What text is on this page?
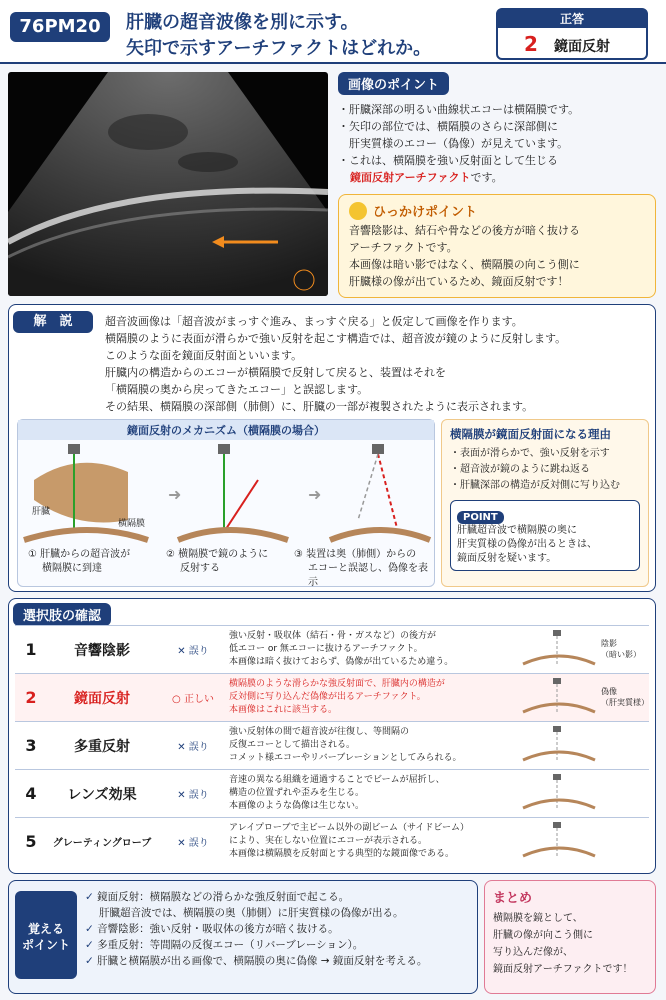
76PM20	肝臓の超音波像を別に示す。
矢印で示すアーチファクトはどれか。
正答
2 鏡面反射
画像のポイント
・肝臓深部の明るい曲線状エコーは横隔膜です。
・矢印の部位では、横隔膜のさらに深部側に
　肝実質様のエコー（偽像）が見えています。
・これは、横隔膜を強い反射面として生じる
鏡面反射アーチファクトです。
ひっかけポイント
音響陰影は、結石や骨などの後方が暗く抜ける
アーチファクトです。
本画像は暗い影ではなく、横隔膜の向こう側に
肝臓様の像が出ているため、鏡面反射です！
解　説	超音波画像は「超音波がまっすぐ進み、まっすぐ戻る」と仮定して画像を作ります。
横隔膜のように表面が滑らかで強い反射を起こす構造では、超音波が鏡のように反射します。
このような面を鏡面反射面といいます。
肝臓内の構造からのエコーが横隔膜で反射して戻ると、装置はそれを
「横隔膜の奥から戻ってきたエコー」と誤認します。
その結果、横隔膜の深部側（肺側）に、肝臓の一部が複製されたように表示されます。
鏡面反射のメカニズム（横隔膜の場合）
➜	➜
肝臓
横隔膜
① 肝臓からの超音波が
横隔膜に到達
② 横隔膜で鏡のように
反射する
③ 装置は奥（肺側）からの
エコーと誤認し、偽像を表示
横隔膜が鏡面反射面になる理由
・表面が滑らかで、強い反射を示す
・超音波が鏡のように跳ね返る
・肝臓深部の構造が反対側に写り込む
POINT
肝臓超音波で横隔膜の奥に
肝実質様の偽像が出るときは、
鏡面反射を疑います。
選択肢の確認
1	音響陰影	✕ 誤り
強い反射・吸収体（結石・骨・ガスなど）の後方が
低エコー or 無エコーに抜けるアーチファクト。
本画像は暗く抜けておらず、偽像が出ているため違う。
陰影
（暗い影）
2	鏡面反射	○ 正しい
横隔膜のような滑らかな強反射面で、肝臓内の構造が
反対側に写り込んだ偽像が出るアーチファクト。
本画像はこれに該当する。
偽像
（肝実質様）
3	多重反射	✕ 誤り
強い反射体の間で超音波が往復し、等間隔の
反復エコーとして描出される。
コメット様エコーやリバーブレーションとしてみられる。
4	レンズ効果	✕ 誤り
音速の異なる組織を通過することでビームが屈折し、
構造の位置ずれや歪みを生じる。
本画像のような偽像は生じない。
5	グレーティングローブ	✕ 誤り
アレイプローブで主ビーム以外の副ビーム（サイドビーム）
により、実在しない位置にエコーが表示される。
本画像は横隔膜を反射面とする典型的な鏡面像である。
覚える
ポイント
✓ 鏡面反射：横隔膜などの滑らかな強反射面で起こる。
肝臓超音波では、横隔膜の奥（肺側）に肝実質様の偽像が出る。
✓ 音響陰影：強い反射・吸収体の後方が暗く抜ける。
✓ 多重反射：等間隔の反復エコー（リバーブレーション）。
✓ 肝臓と横隔膜が出る画像で、横隔膜の奥に偽像 → 鏡面反射を考える。
まとめ
横隔膜を鏡として、
肝臓の像が向こう側に
写り込んだ像が、
鏡面反射アーチファクトです！
